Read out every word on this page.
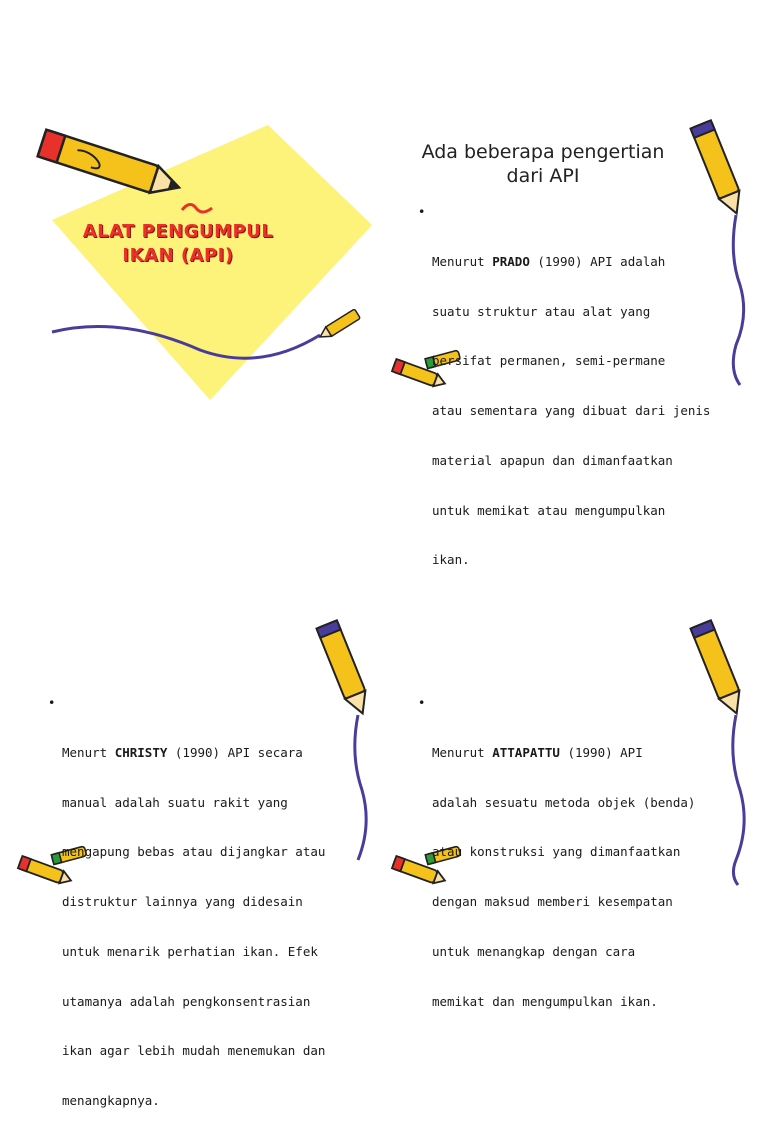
ALAT PENGUMPUL
IKAN (API)
Ada beberapa pengertian
dari API

•

Menurut PRADO (1990) API adalah

suatu struktur atau alat yang

bersifat permanen, semi-permane

atau sementara yang dibuat dari jenis

material apapun dan dimanfaatkan

untuk memikat atau mengumpulkan

ikan.

•

Menurt CHRISTY (1990) API secara

manual adalah suatu rakit yang

mengapung bebas atau dijangkar atau

distruktur lainnya yang didesain

untuk menarik perhatian ikan. Efek

utamanya adalah pengkonsentrasian

ikan agar lebih mudah menemukan dan

menangkapnya.

•

Menurut ATTAPATTU (1990) API

adalah sesuatu metoda objek (benda)

atau konstruksi yang dimanfaatkan

dengan maksud memberi kesempatan

untuk menangkap dengan cara

memikat dan mengumpulkan ikan.
